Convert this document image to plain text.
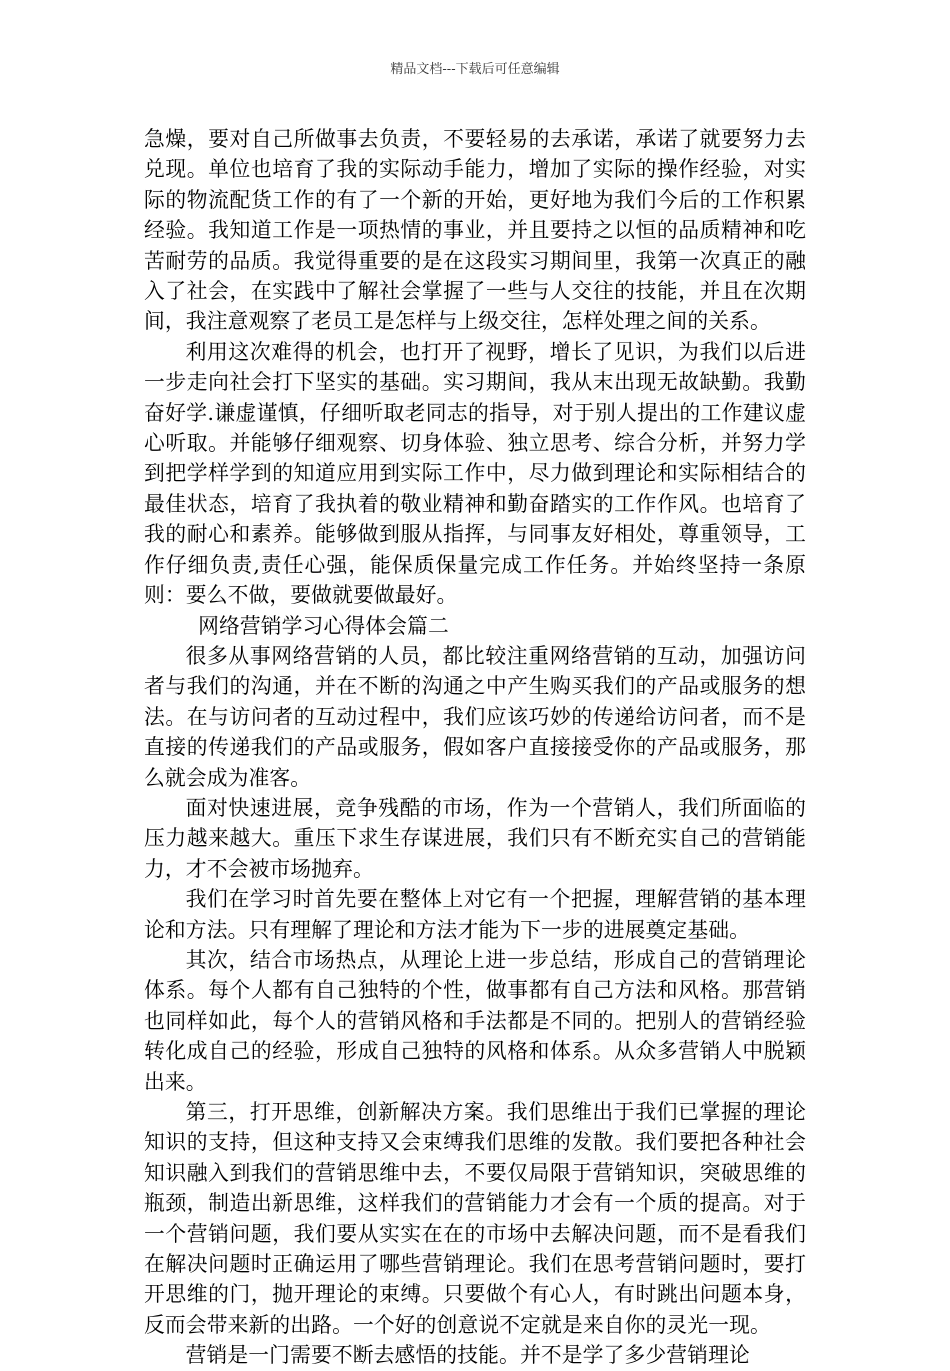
精品文档---下载后可任意编辑

急燥，要对自己所做事去负责，不要轻易的去承诺，承诺了就要努力去兑现。单位也培育了我的实际动手能力，增加了实际的操作经验，对实际的物流配货工作的有了一个新的开始，更好地为我们今后的工作积累经验。我知道工作是一项热情的事业，并且要持之以恒的品质精神和吃苦耐劳的品质。我觉得重要的是在这段实习期间里，我第一次真正的融入了社会，在实践中了解社会掌握了一些与人交往的技能，并且在次期间，我注意观察了老员工是怎样与上级交往，怎样处理之间的关系。

利用这次难得的机会，也打开了视野，增长了见识，为我们以后进一步走向社会打下坚实的基础。实习期间，我从末出现无故缺勤。我勤奋好学.谦虚谨慎，仔细听取老同志的指导，对于别人提出的工作建议虚心听取。并能够仔细观察、切身体验、独立思考、综合分析，并努力学到把学样学到的知道应用到实际工作中，尽力做到理论和实际相结合的最佳状态，培育了我执着的敬业精神和勤奋踏实的工作作风。也培育了我的耐心和素养。能够做到服从指挥，与同事友好相处，尊重领导，工作仔细负责,责任心强，能保质保量完成工作任务。并始终坚持一条原则：要么不做，要做就要做最好。

网络营销学习心得体会篇二

很多从事网络营销的人员，都比较注重网络营销的互动，加强访问者与我们的沟通，并在不断的沟通之中产生购买我们的产品或服务的想法。在与访问者的互动过程中，我们应该巧妙的传递给访问者，而不是直接的传递我们的产品或服务，假如客户直接接受你的产品或服务，那么就会成为准客。

面对快速进展，竞争残酷的市场，作为一个营销人，我们所面临的压力越来越大。重压下求生存谋进展，我们只有不断充实自己的营销能力，才不会被市场抛弃。

我们在学习时首先要在整体上对它有一个把握，理解营销的基本理论和方法。只有理解了理论和方法才能为下一步的进展奠定基础。

其次，结合市场热点，从理论上进一步总结，形成自己的营销理论体系。每个人都有自己独特的个性，做事都有自己方法和风格。那营销也同样如此，每个人的营销风格和手法都是不同的。把别人的营销经验转化成自己的经验，形成自己独特的风格和体系。从众多营销人中脱颖出来。

第三，打开思维，创新解决方案。我们思维出于我们已掌握的理论知识的支持，但这种支持又会束缚我们思维的发散。我们要把各种社会知识融入到我们的营销思维中去，不要仅局限于营销知识，突破思维的瓶颈，制造出新思维，这样我们的营销能力才会有一个质的提高。对于一个营销问题，我们要从实实在在的市场中去解决问题，而不是看我们在解决问题时正确运用了哪些营销理论。我们在思考营销问题时，要打开思维的门，抛开理论的束缚。只要做个有心人，有时跳出问题本身，反而会带来新的出路。一个好的创意说不定就是来自你的灵光一现。

营销是一门需要不断去感悟的技能。并不是学了多少营销理论
